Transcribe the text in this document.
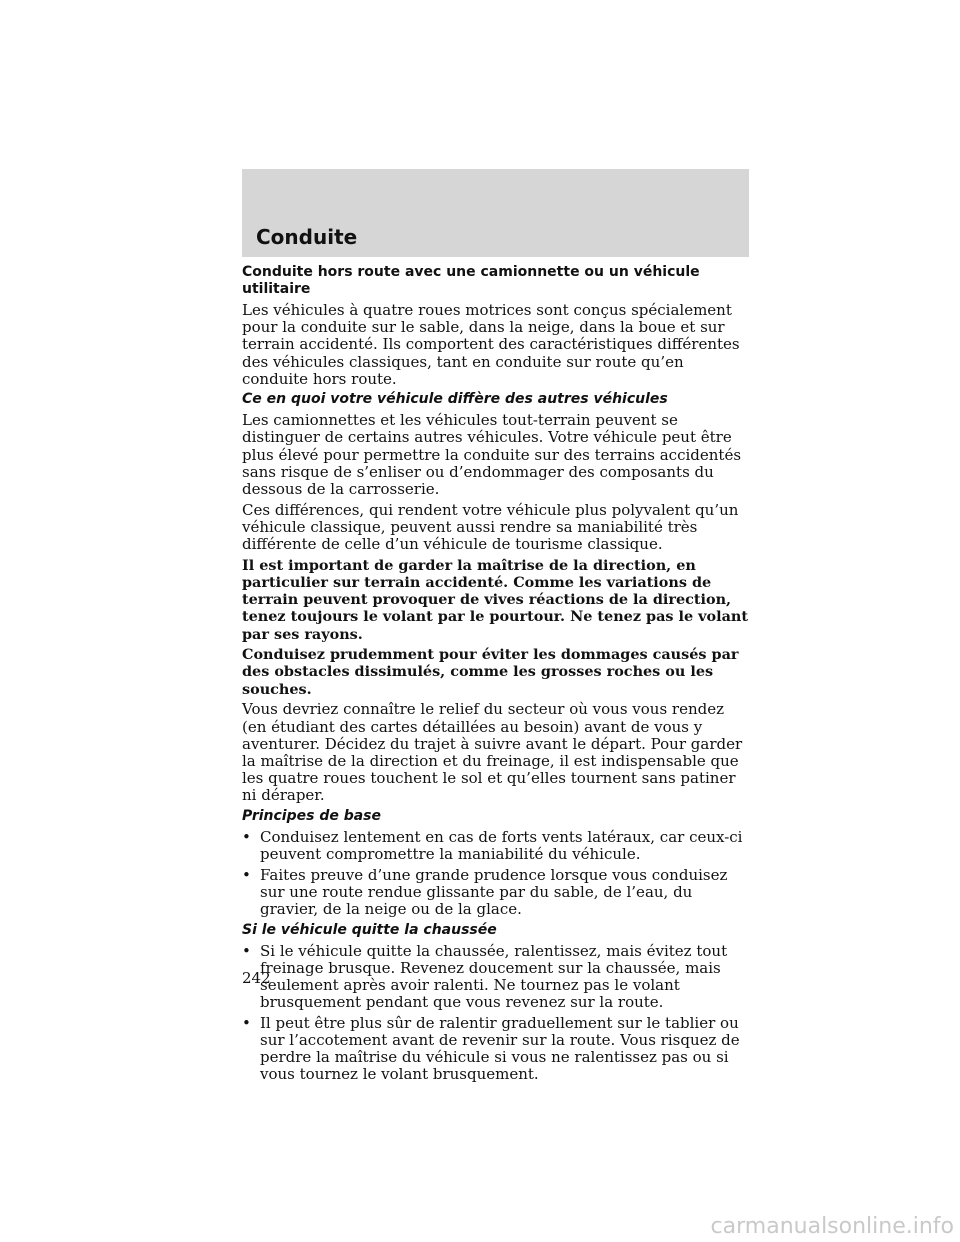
Conduite
Conduite hors route avec une camionnette ou un véhicule utilitaire

Les véhicules à quatre roues motrices sont conçus spécialement pour la conduite sur le sable, dans la neige, dans la boue et sur terrain accidenté. Ils comportent des caractéristiques différentes des véhicules classiques, tant en conduite sur route qu’en conduite hors route.

Ce en quoi votre véhicule diffère des autres véhicules

Les camionnettes et les véhicules tout-terrain peuvent se distinguer de certains autres véhicules. Votre véhicule peut être plus élevé pour permettre la conduite sur des terrains accidentés sans risque de s’enliser ou d’endommager des composants du dessous de la carrosserie.

Ces différences, qui rendent votre véhicule plus polyvalent qu’un véhicule classique, peuvent aussi rendre sa maniabilité très différente de celle d’un véhicule de tourisme classique.

Il est important de garder la maîtrise de la direction, en particulier sur terrain accidenté. Comme les variations de terrain peuvent provoquer de vives réactions de la direction, tenez toujours le volant par le pourtour. Ne tenez pas le volant par ses rayons.

Conduisez prudemment pour éviter les dommages causés par des obstacles dissimulés, comme les grosses roches ou les souches.

Vous devriez connaître le relief du secteur où vous vous rendez (en étudiant des cartes détaillées au besoin) avant de vous y aventurer. Décidez du trajet à suivre avant le départ. Pour garder la maîtrise de la direction et du freinage, il est indispensable que les quatre roues touchent le sol et qu’elles tournent sans patiner ni déraper.

Principes de base
• Conduisez lentement en cas de forts vents latéraux, car ceux-ci peuvent compromettre la maniabilité du véhicule.
• Faites preuve d’une grande prudence lorsque vous conduisez sur une route rendue glissante par du sable, de l’eau, du gravier, de la neige ou de la glace.
Si le véhicule quitte la chaussée
• Si le véhicule quitte la chaussée, ralentissez, mais évitez tout freinage brusque. Revenez doucement sur la chaussée, mais seulement après avoir ralenti. Ne tournez pas le volant brusquement pendant que vous revenez sur la route.
• Il peut être plus sûr de ralentir graduellement sur le tablier ou sur l’accotement avant de revenir sur la route. Vous risquez de perdre la maîtrise du véhicule si vous ne ralentissez pas ou si vous tournez le volant brusquement.
242
carmanualsonline.info
